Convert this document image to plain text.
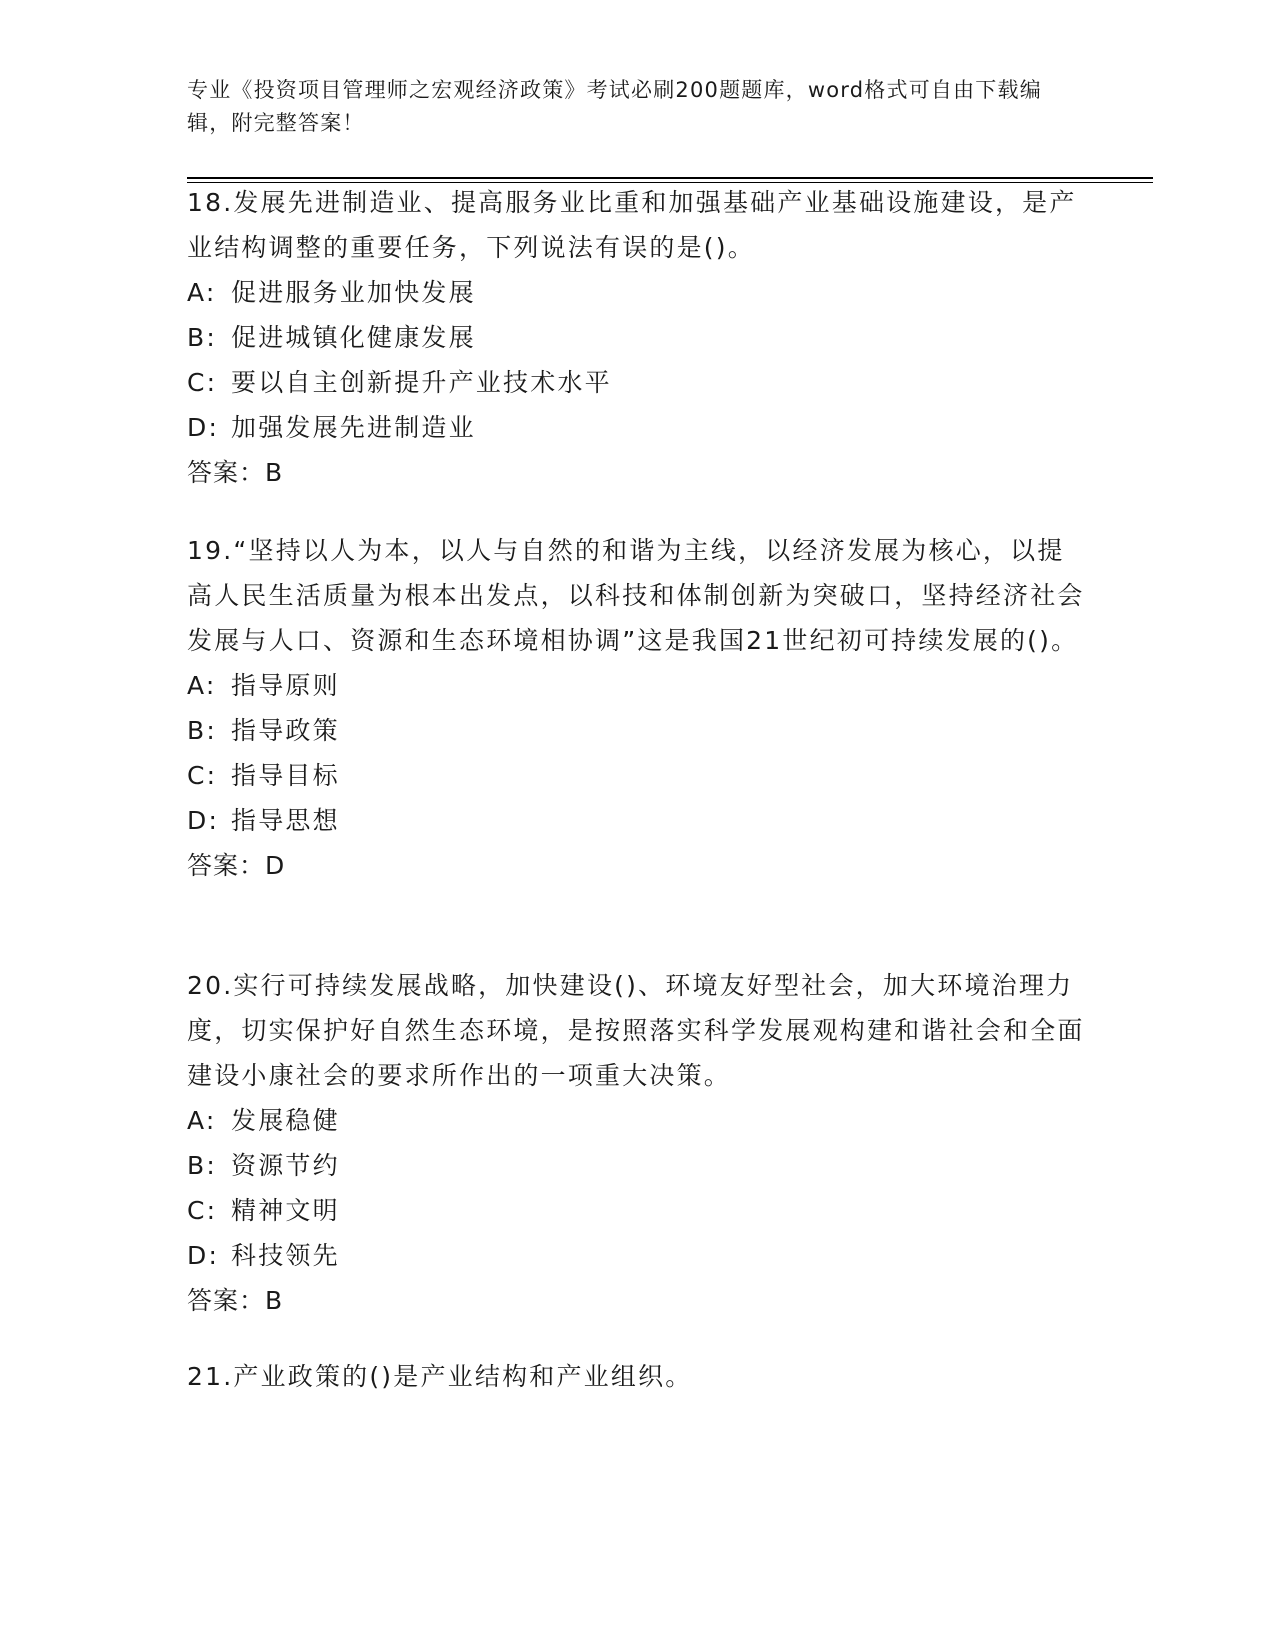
专业《投资项目管理师之宏观经济政策》考试必刷200题题库，word格式可自由下载编辑，附完整答案！

18.发展先进制造业、提高服务业比重和加强基础产业基础设施建设，是产业结构调整的重要任务，下列说法有误的是()。

A: 促进服务业加快发展

B: 促进城镇化健康发展

C: 要以自主创新提升产业技术水平

D: 加强发展先进制造业

答案：B

19.“坚持以人为本，以人与自然的和谐为主线，以经济发展为核心，以提高人民生活质量为根本出发点，以科技和体制创新为突破口，坚持经济社会发展与人口、资源和生态环境相协调”这是我国21世纪初可持续发展的()。

A: 指导原则

B: 指导政策

C: 指导目标

D: 指导思想

答案：D

20.实行可持续发展战略，加快建设()、环境友好型社会，加大环境治理力度，切实保护好自然生态环境，是按照落实科学发展观构建和谐社会和全面建设小康社会的要求所作出的一项重大决策。

A: 发展稳健

B: 资源节约

C: 精神文明

D: 科技领先

答案：B

21.产业政策的()是产业结构和产业组织。
